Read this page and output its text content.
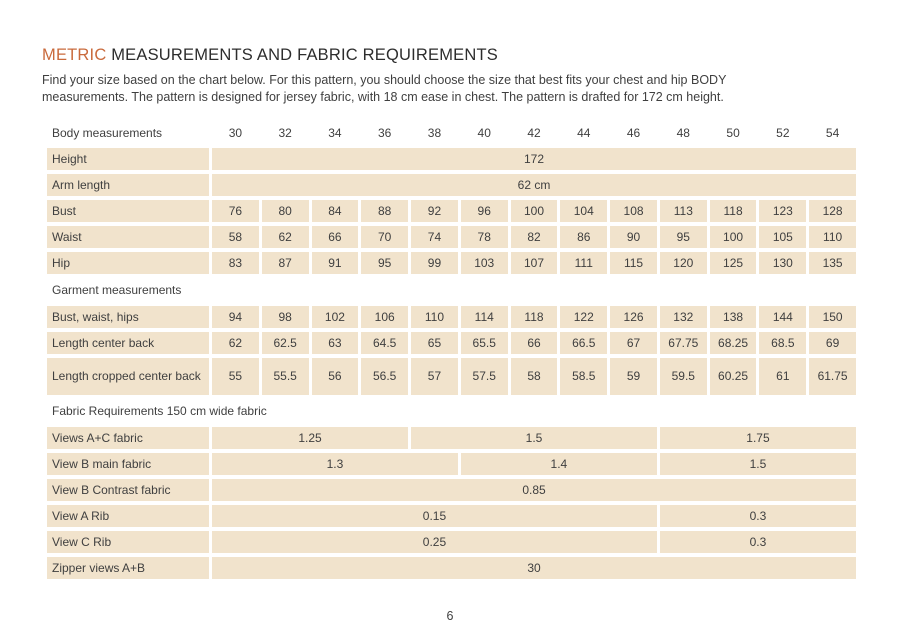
METRIC MEASUREMENTS AND FABRIC REQUIREMENTS
Find your size based on the chart below. For this pattern, you should choose the size that best fits your chest and hip BODY
measurements. The pattern is designed for jersey fabric, with 18 cm ease in chest. The pattern is drafted for 172 cm height.
Body measurements	30	32	34	36	38	40	42	44	46	48	50	52	54
Height	172
Arm length	62 cm
Bust	76	80	84	88	92	96	100	104	108	113	118	123	128
Waist	58	62	66	70	74	78	82	86	90	95	100	105	110
Hip	83	87	91	95	99	103	107	111	115	120	125	130	135
Garment measurements
Bust, waist, hips	94	98	102	106	110	114	118	122	126	132	138	144	150
Length center back	62	62.5	63	64.5	65	65.5	66	66.5	67	67.75	68.25	68.5	69
Length cropped center back	55	55.5	56	56.5	57	57.5	58	58.5	59	59.5	60.25	61	61.75
Fabric Requirements 150 cm wide fabric
Views A+C fabric	1.25	1.5	1.75
View B main fabric	1.3	1.4	1.5
View B Contrast fabric	0.85
View A Rib	0.15	0.3
View C Rib	0.25	0.3
Zipper views A+B	30
6
